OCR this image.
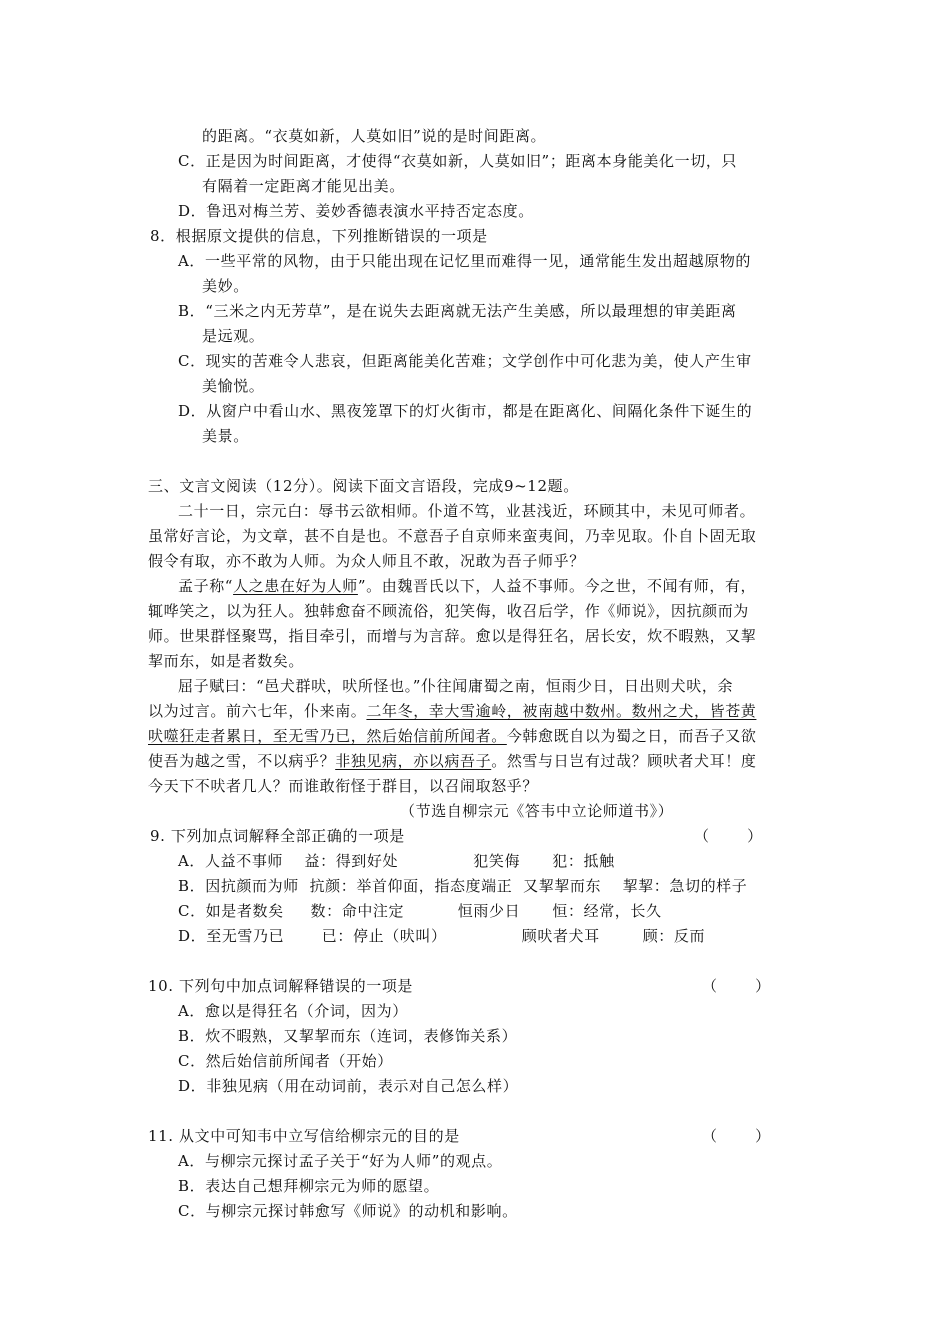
的距离。“衣莫如新，人莫如旧”说的是时间距离。
C．正是因为时间距离，才使得“衣莫如新，人莫如旧”；距离本身能美化一切，只
有隔着一定距离才能见出美。
D．鲁迅对梅兰芳、姜妙香德表演水平持否定态度。
8．根据原文提供的信息，下列推断错误的一项是
A．一些平常的风物，由于只能出现在记忆里而难得一见，通常能生发出超越原物的
美妙。
B．“三米之内无芳草”，是在说失去距离就无法产生美感，所以最理想的审美距离
是远观。
C．现实的苦难令人悲哀，但距离能美化苦难；文学创作中可化悲为美，使人产生审
美愉悦。
D．从窗户中看山水、黑夜笼罩下的灯火街市，都是在距离化、间隔化条件下诞生的
美景。
三、文言文阅读（12分）。阅读下面文言语段，完成9~12题。
二十一日，宗元白：辱书云欲相师。仆道不笃，业甚浅近，环顾其中，未见可师者。
虽常好言论，为文章，甚不自是也。不意吾子自京师来蛮夷间，乃幸见取。仆自卜固无取
假令有取，亦不敢为人师。为众人师且不敢，况敢为吾子师乎？
孟子称“人之患在好为人师”。由魏晋氏以下，人益不事师。今之世，不闻有师，有，
辄哗笑之，以为狂人。独韩愈奋不顾流俗，犯笑侮，收召后学，作《师说》，因抗颜而为
师。世果群怪聚骂，指目牵引，而增与为言辞。愈以是得狂名，居长安，炊不暇熟，又挈
挈而东，如是者数矣。
屈子赋曰：“邑犬群吠，吠所怪也。”仆往闻庸蜀之南，恒雨少日，日出则犬吠，余
以为过言。前六七年，仆来南。二年冬，幸大雪逾岭，被南越中数州。数州之犬，皆苍黄
吠噬狂走者累日，至无雪乃已，然后始信前所闻者。今韩愈既自以为蜀之日，而吾子又欲
使吾为越之雪，不以病乎？非独见病，亦以病吾子。然雪与日岂有过哉？顾吠者犬耳！度
今天下不吠者几人？而谁敢衔怪于群目，以召闹取怒乎？
（节选自柳宗元《答韦中立论师道书》）
9. 下列加点词解释全部正确的一项是	（        ）
A．人益不事师    益：得到好处              犯笑侮      犯：抵触
B．因抗颜而为师  抗颜：举首仰面，指态度端正  又挈挈而东    挈挈：急切的样子
C．如是者数矣     数：命中注定          恒雨少日      恒：经常，长久
D．至无雪乃已       已：停止（吠叫）              顾吠者犬耳        顾：反而
10. 下列句中加点词解释错误的一项是	（        ）
A．愈以是得狂名（介词，因为）
B．炊不暇熟，又挈挈而东（连词，表修饰关系）
C．然后始信前所闻者（开始）
D．非独见病（用在动词前，表示对自己怎么样）
11. 从文中可知韦中立写信给柳宗元的目的是	（        ）
A．与柳宗元探讨孟子关于“好为人师”的观点。
B．表达自己想拜柳宗元为师的愿望。
C．与柳宗元探讨韩愈写《师说》的动机和影响。
